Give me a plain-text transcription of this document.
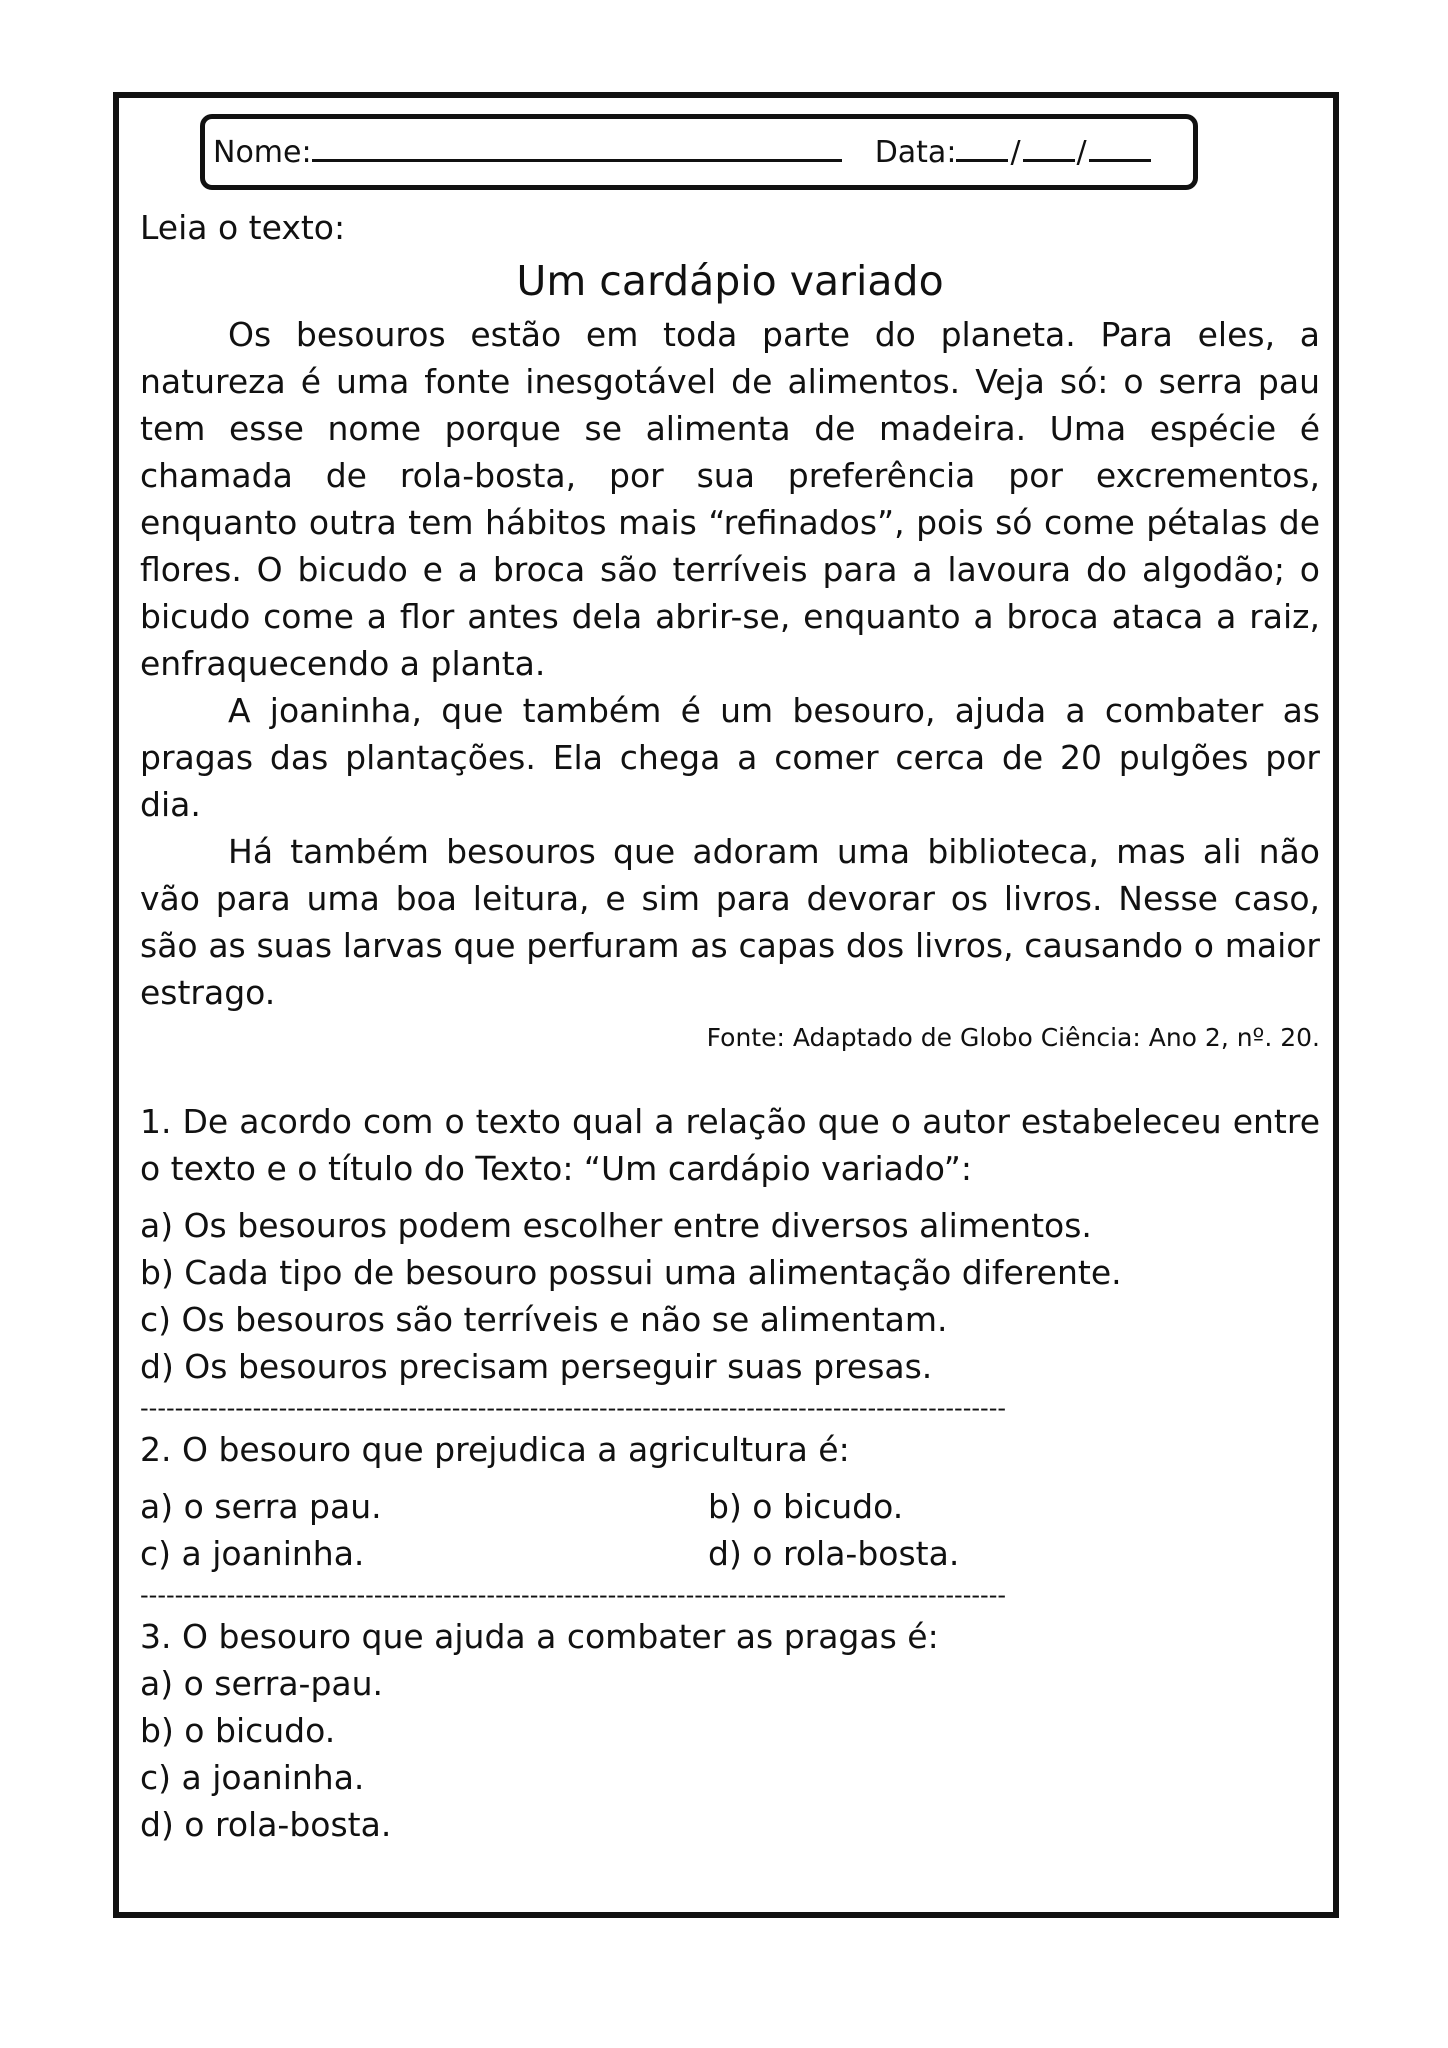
Nome:	Data: / /
Leia o texto:
Um cardápio variado

Os besouros estão em toda parte do planeta. Para eles, a natureza é uma fonte inesgotável de alimentos. Veja só: o serra pau tem esse nome porque se alimenta de madeira. Uma espécie é chamada de rola-bosta, por sua preferência por excrementos, enquanto outra tem hábitos mais “refinados”, pois só come pétalas de flores. O bicudo e a broca são terríveis para a lavoura do algodão; o bicudo come a flor antes dela abrir-se, enquanto a broca ataca a raiz, enfraquecendo a planta.

A joaninha, que também é um besouro, ajuda a combater as pragas das plantações. Ela chega a comer cerca de 20 pulgões por dia.

Há também besouros que adoram uma biblioteca, mas ali não vão para uma boa leitura, e sim para devorar os livros. Nesse caso, são as suas larvas que perfuram as capas dos livros, causando o maior estrago.

Fonte: Adaptado de Globo Ciência: Ano 2, nº. 20.
1. De acordo com o texto qual a relação que o autor estabeleceu entre o texto e o título do Texto: “Um cardápio variado”:
a) Os besouros podem escolher entre diversos alimentos.
b) Cada tipo de besouro possui uma alimentação diferente.
c) Os besouros são terríveis e não se alimentam.
d) Os besouros precisam perseguir suas presas.
----------------------------------------------------------------------------------------------------
2. O besouro que prejudica a agricultura é:
a) o serra pau.	b) o bicudo.
c) a joaninha.	d) o rola-bosta.
----------------------------------------------------------------------------------------------------
3. O besouro que ajuda a combater as pragas é:
a) o serra-pau.
b) o bicudo.
c) a joaninha.
d) o rola-bosta.
